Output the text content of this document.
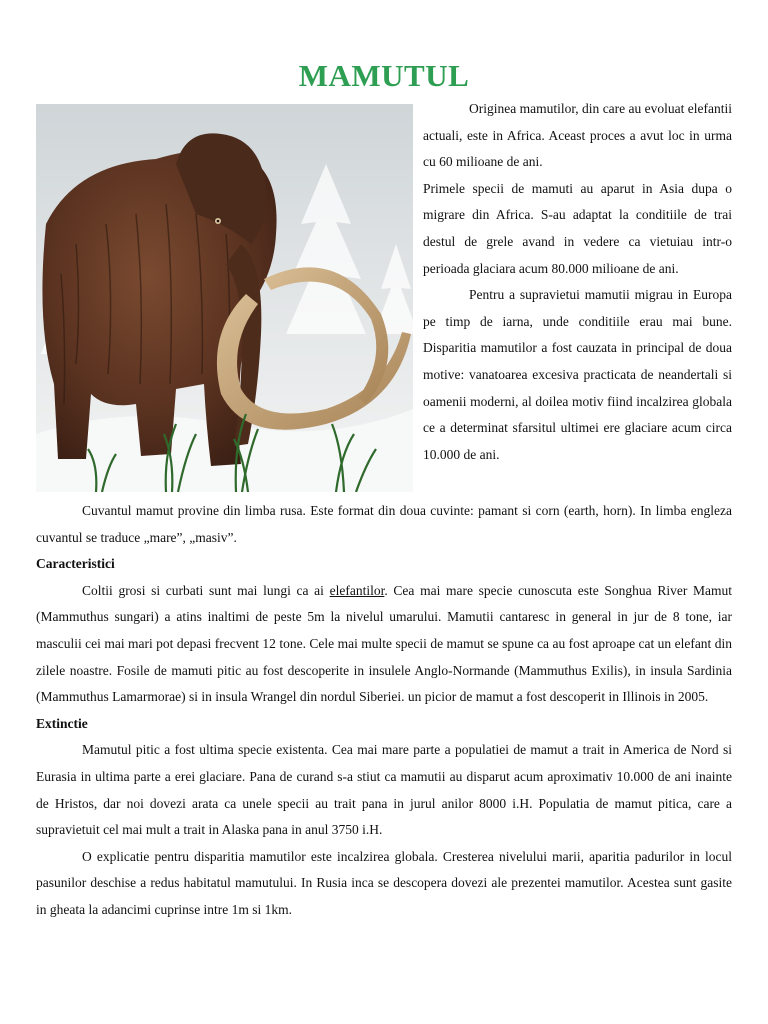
MAMUTUL

Originea mamutilor, din care au evoluat elefantii actuali, este in Africa. Aceast proces a avut loc in urma cu 60 milioane de ani.

Primele specii de mamuti au aparut in Asia dupa o migrare din Africa. S-au adaptat la conditiile de trai destul de grele avand in vedere ca vietuiau intr-o perioada glaciara acum 80.000 milioane de ani.

Pentru a supravietui mamutii migrau in Europa pe timp de iarna, unde conditiile erau mai bune. Disparitia mamutilor a fost cauzata in principal de doua motive: vanatoarea excesiva practicata de neandertali si oamenii moderni, al doilea motiv fiind incalzirea globala ce a determinat sfarsitul ultimei ere glaciare acum circa 10.000 de ani.

Cuvantul mamut provine din limba rusa. Este format din doua cuvinte: pamant si corn (earth, horn). In limba engleza cuvantul se traduce „mare”, „masiv”.

Caracteristici

Coltii grosi si curbati sunt mai lungi ca ai elefantilor. Cea mai mare specie cunoscuta este Songhua River Mamut (Mammuthus sungari) a atins inaltimi de peste 5m la nivelul umarului. Mamutii cantaresc in general in jur de 8 tone, iar masculii cei mai mari pot depasi frecvent 12 tone. Cele mai multe specii de mamut se spune ca au fost aproape cat un elefant din zilele noastre. Fosile de mamuti pitic au fost descoperite in insulele Anglo-Normande (Mammuthus Exilis), in insula Sardinia (Mammuthus Lamarmorae) si in insula Wrangel din nordul Siberiei. un picior de mamut a fost descoperit in Illinois in 2005.

Extinctie

Mamutul pitic a fost ultima specie existenta. Cea mai mare parte a populatiei de mamut a trait in America de Nord si Eurasia in ultima parte a erei glaciare. Pana de curand s-a stiut ca mamutii au disparut acum aproximativ 10.000 de ani inainte de Hristos, dar noi dovezi arata ca unele specii au trait pana in jurul anilor 8000 i.H. Populatia de mamut pitica, care a supravietuit cel mai mult a trait in Alaska pana in anul 3750 i.H.

O explicatie pentru disparitia mamutilor este incalzirea globala. Cresterea nivelului marii, aparitia padurilor in locul pasunilor deschise a redus habitatul mamutului. In Rusia inca se descopera dovezi ale prezentei mamutilor. Acestea sunt gasite in gheata la adancimi cuprinse intre 1m si 1km.
